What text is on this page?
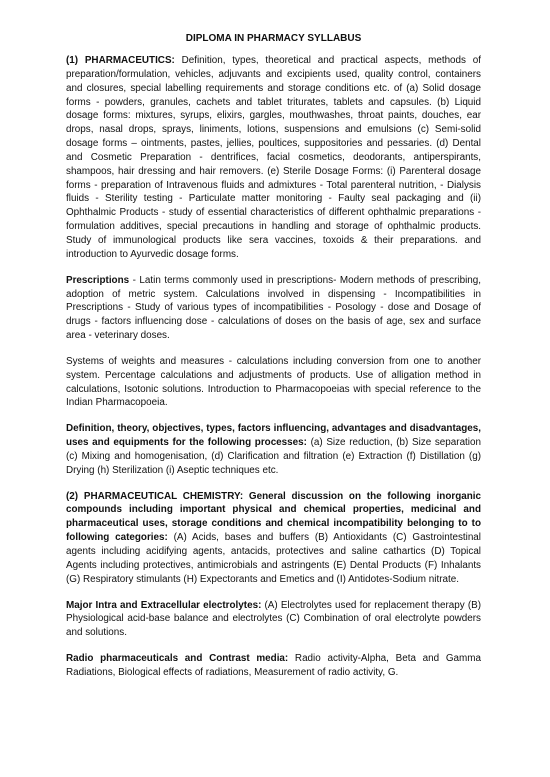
DIPLOMA IN PHARMACY SYLLABUS

(1) PHARMACEUTICS: Definition, types, theoretical and practical aspects, methods of preparation/formulation, vehicles, adjuvants and excipients used, quality control, containers and closures, special labelling requirements and storage conditions etc. of (a) Solid dosage forms - powders, granules, cachets and tablet triturates, tablets and capsules. (b) Liquid dosage forms: mixtures, syrups, elixirs, gargles, mouthwashes, throat paints, douches, ear drops, nasal drops, sprays, liniments, lotions, suspensions and emulsions (c) Semi-solid dosage forms – ointments, pastes, jellies, poultices, suppositories and pessaries. (d) Dental and Cosmetic Preparation - dentrifices, facial cosmetics, deodorants, antiperspirants, shampoos, hair dressing and hair removers. (e) Sterile Dosage Forms: (i) Parenteral dosage forms - preparation of Intravenous fluids and admixtures - Total parenteral nutrition, - Dialysis fluids - Sterility testing - Particulate matter monitoring - Faulty seal packaging and (ii) Ophthalmic Products - study of essential characteristics of different ophthalmic preparations - formulation additives, special precautions in handling and storage of ophthalmic products. Study of immunological products like sera vaccines, toxoids & their preparations. and introduction to Ayurvedic dosage forms.

Prescriptions - Latin terms commonly used in prescriptions- Modern methods of prescribing, adoption of metric system. Calculations involved in dispensing - Incompatibilities in Prescriptions - Study of various types of incompatibilities - Posology - dose and Dosage of drugs - factors influencing dose - calculations of doses on the basis of age, sex and surface area - veterinary doses.

Systems of weights and measures - calculations including conversion from one to another system. Percentage calculations and adjustments of products. Use of alligation method in calculations, Isotonic solutions. Introduction to Pharmacopoeias with special reference to the Indian Pharmacopoeia.

Definition, theory, objectives, types, factors influencing, advantages and disadvantages, uses and equipments for the following processes: (a) Size reduction, (b) Size separation (c) Mixing and homogenisation, (d) Clarification and filtration (e) Extraction (f) Distillation (g) Drying (h) Sterilization (i) Aseptic techniques etc.

(2) PHARMACEUTICAL CHEMISTRY: General discussion on the following inorganic compounds including important physical and chemical properties, medicinal and pharmaceutical uses, storage conditions and chemical incompatibility belonging to to following categories: (A) Acids, bases and buffers (B) Antioxidants (C) Gastrointestinal agents including acidifying agents, antacids, protectives and saline cathartics (D) Topical Agents including protectives, antimicrobials and astringents (E) Dental Products (F) Inhalants (G) Respiratory stimulants (H) Expectorants and Emetics and (I) Antidotes-Sodium nitrate.

Major Intra and Extracellular electrolytes: (A) Electrolytes used for replacement therapy (B) Physiological acid-base balance and electrolytes (C) Combination of oral electrolyte powders and solutions.

Radio pharmaceuticals and Contrast media: Radio activity-Alpha, Beta and Gamma Radiations, Biological effects of radiations, Measurement of radio activity, G.
